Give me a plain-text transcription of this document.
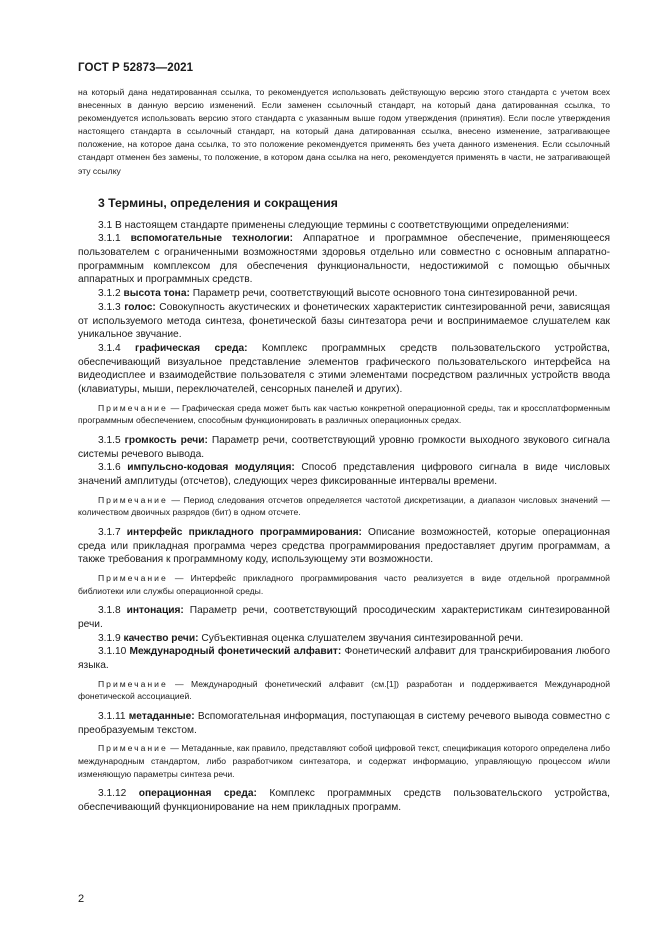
ГОСТ Р 52873—2021

на который дана недатированная ссылка, то рекомендуется использовать действующую версию этого стандарта с учетом всех внесенных в данную версию изменений. Если заменен ссылочный стандарт, на который дана датированная ссылка, то рекомендуется использовать версию этого стандарта с указанным выше годом утверждения (принятия). Если после утверждения настоящего стандарта в ссылочный стандарт, на который дана датированная ссылка, внесено изменение, затрагивающее положение, на которое дана ссылка, то это положение рекомендуется применять без учета данного изменения. Если ссылочный стандарт отменен без замены, то положение, в котором дана ссылка на него, рекомендуется применять в части, не затрагивающей эту ссылку

3 Термины, определения и сокращения

3.1 В настоящем стандарте применены следующие термины с соответствующими определениями:

3.1.1 вспомогательные технологии: Аппаратное и программное обеспечение, применяющееся пользователем с ограниченными возможностями здоровья отдельно или совместно с основным аппаратно-программным комплексом для обеспечения функциональности, недостижимой с помощью обычных аппаратных и программных средств.

3.1.2 высота тона: Параметр речи, соответствующий высоте основного тона синтезированной речи.

3.1.3 голос: Совокупность акустических и фонетических характеристик синтезированной речи, зависящая от используемого метода синтеза, фонетической базы синтезатора речи и воспринимаемое слушателем как уникальное звучание.

3.1.4 графическая среда: Комплекс программных средств пользовательского устройства, обеспечивающий визуальное представление элементов графического пользовательского интерфейса на видеодисплее и взаимодействие пользователя с этими элементами посредством различных устройств ввода (клавиатуры, мыши, переключателей, сенсорных панелей и других).

Примечание — Графическая среда может быть как частью конкретной операционной среды, так и кроссплатформенным программным обеспечением, способным функционировать в различных операционных средах.

3.1.5 громкость речи: Параметр речи, соответствующий уровню громкости выходного звукового сигнала системы речевого вывода.

3.1.6 импульсно-кодовая модуляция: Способ представления цифрового сигнала в виде числовых значений амплитуды (отсчетов), следующих через фиксированные интервалы времени.

Примечание — Период следования отсчетов определяется частотой дискретизации, а диапазон числовых значений — количеством двоичных разрядов (бит) в одном отсчете.

3.1.7 интерфейс прикладного программирования: Описание возможностей, которые операционная среда или прикладная программа через средства программирования предоставляет другим программам, а также требования к программному коду, использующему эти возможности.

Примечание — Интерфейс прикладного программирования часто реализуется в виде отдельной программной библиотеки или службы операционной среды.

3.1.8 интонация: Параметр речи, соответствующий просодическим характеристикам синтезированной речи.

3.1.9 качество речи: Субъективная оценка слушателем звучания синтезированной речи.

3.1.10 Международный фонетический алфавит: Фонетический алфавит для транскрибирования любого языка.

Примечание — Международный фонетический алфавит (см.[1]) разработан и поддерживается Международной фонетической ассоциацией.

3.1.11 метаданные: Вспомогательная информация, поступающая в систему речевого вывода совместно с преобразуемым текстом.

Примечание — Метаданные, как правило, представляют собой цифровой текст, спецификация которого определена либо международным стандартом, либо разработчиком синтезатора, и содержат информацию, управляющую процессом и/или изменяющую параметры синтеза речи.

3.1.12 операционная среда: Комплекс программных средств пользовательского устройства, обеспечивающий функционирование на нем прикладных программ.

2
